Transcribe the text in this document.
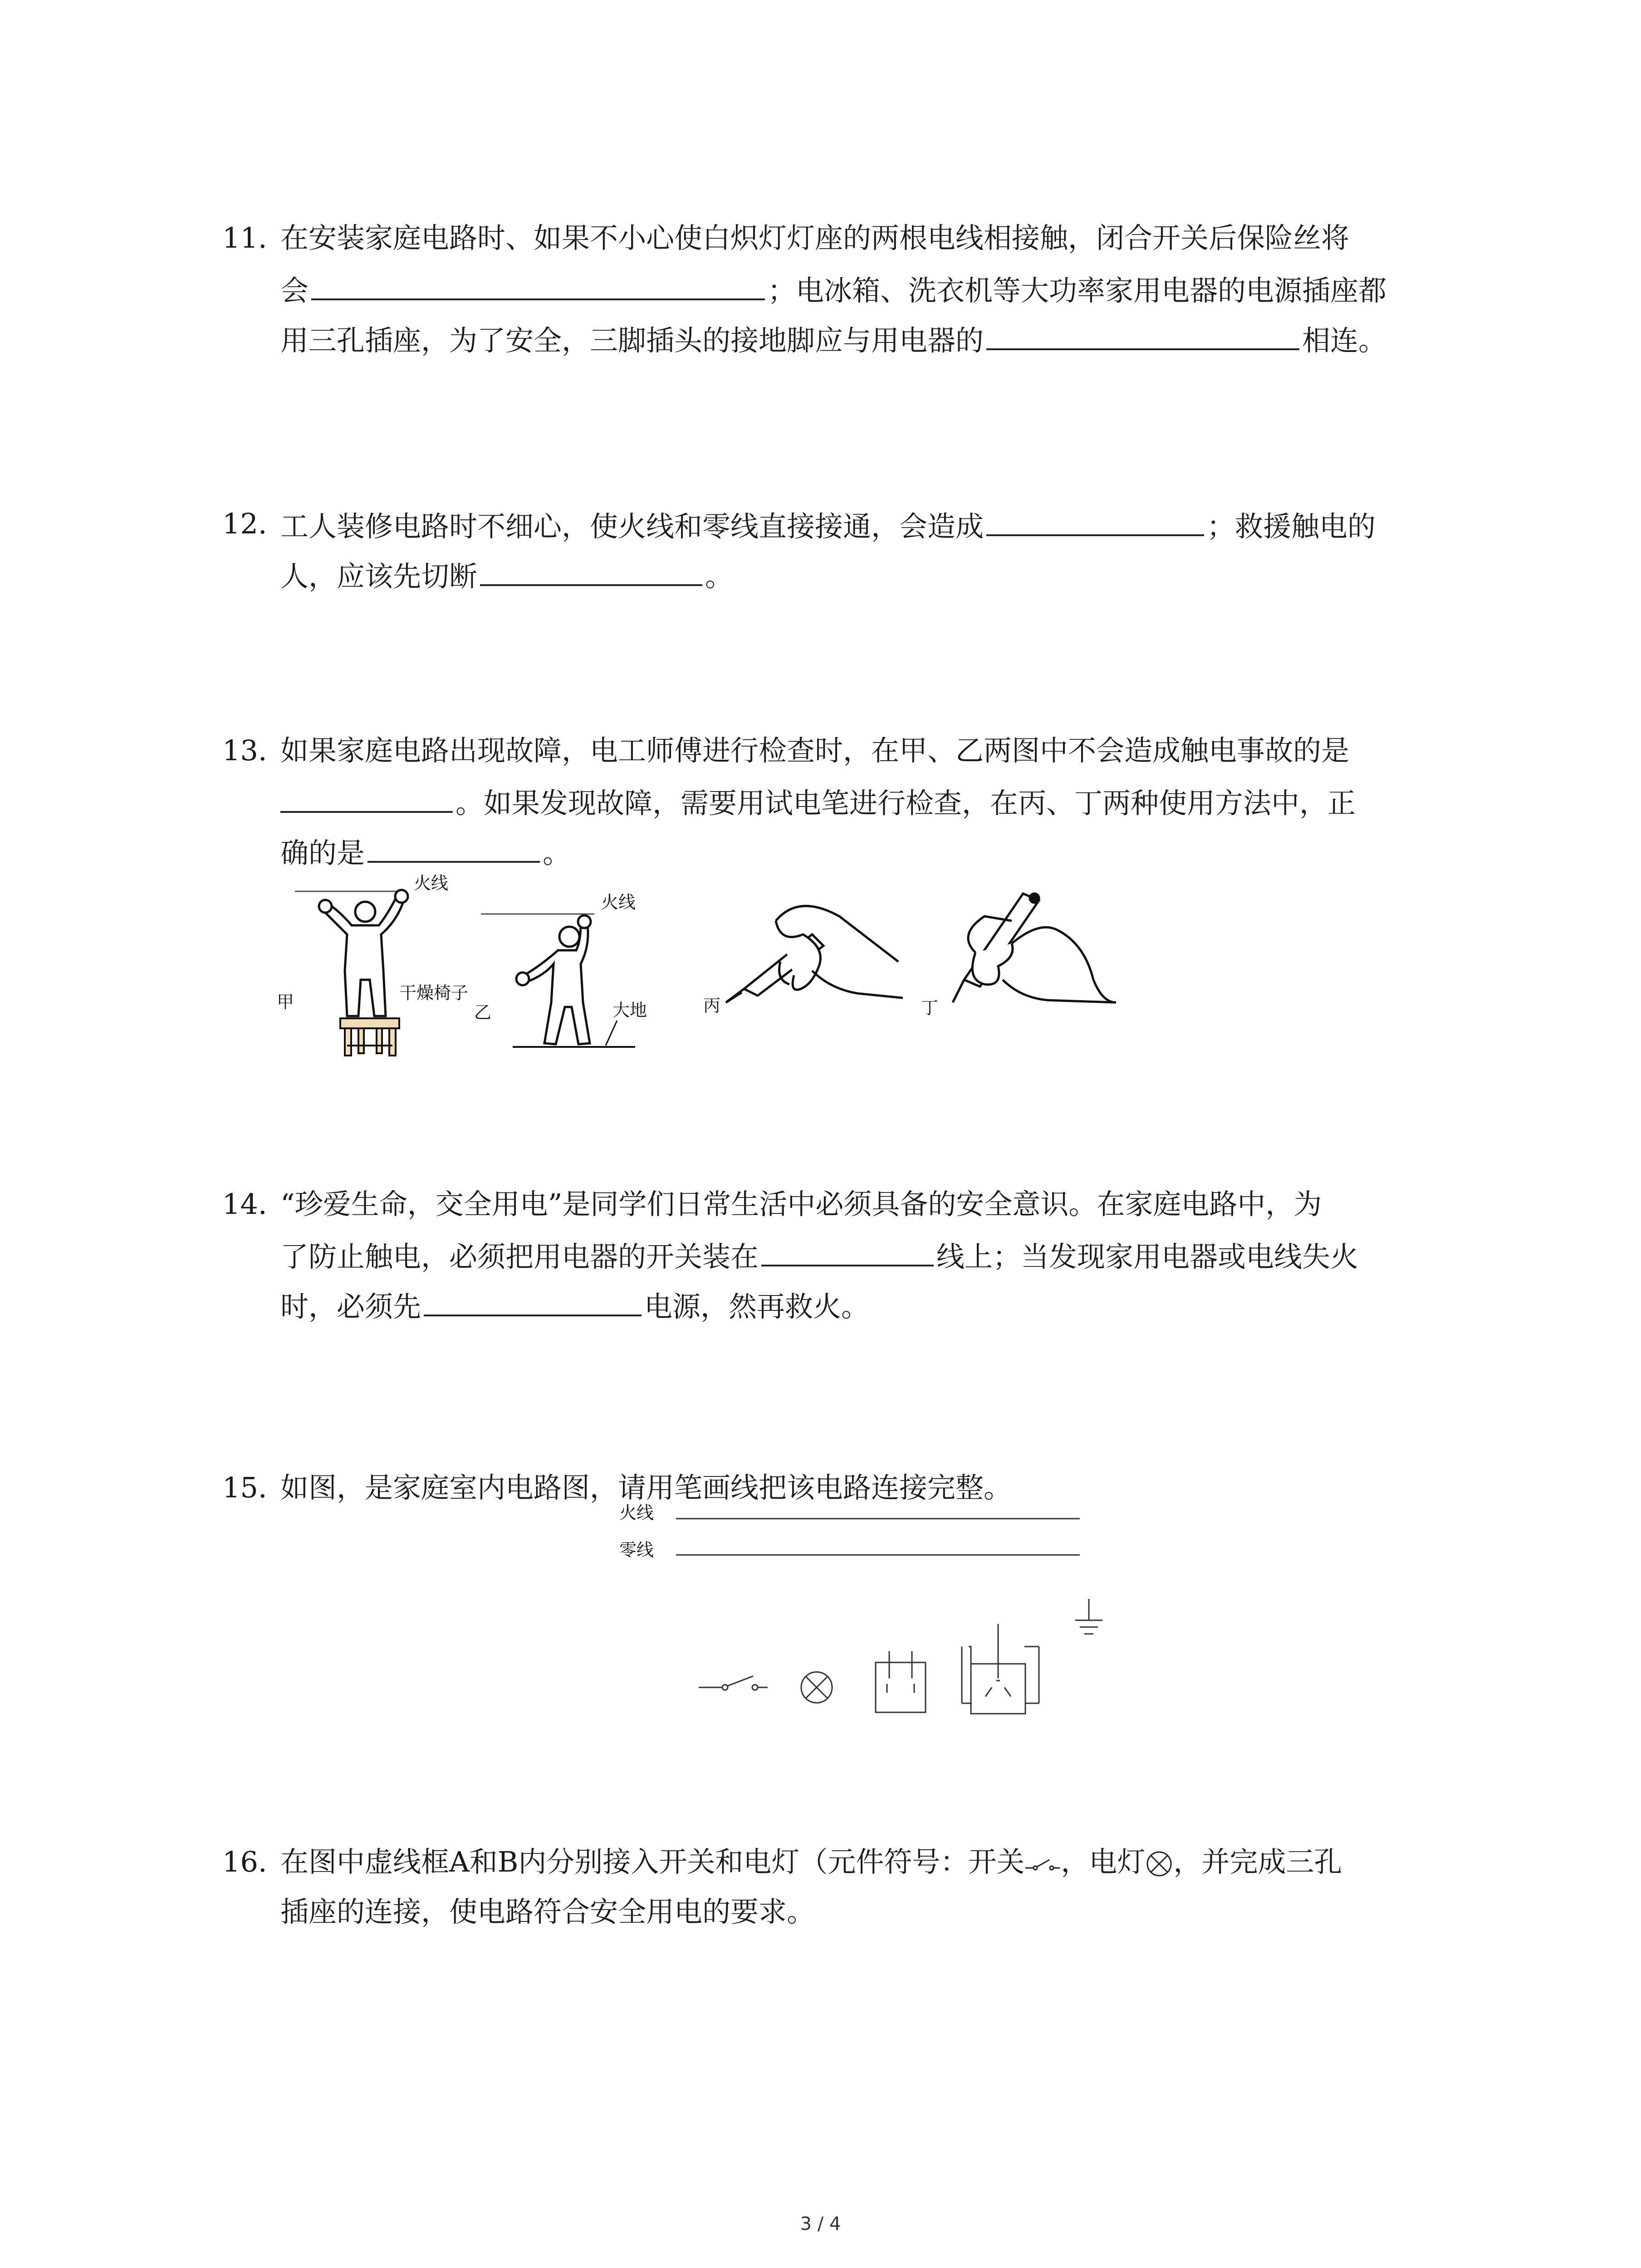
11. 在安装家庭电路时、如果不小心使白炽灯灯座的两根电线相接触，闭合开关后保险丝将
会	；电冰箱、洗衣机等大功率家用电器的电源插座都
用三孔插座，为了安全，三脚插头的接地脚应与用电器的	相连。
12. 工人装修电路时不细心，使火线和零线直接接通，会造成	；救援触电的
人，应该先切断	。
13. 如果家庭电路出现故障，电工师傅进行检查时，在甲、乙两图中不会造成触电事故的是
。如果发现故障，需要用试电笔进行检查，在丙、丁两种使用方法中，正
确的是	。
火线
干燥椅子
甲
火线
大地
乙	丙	丁
14. “珍爱生命，交全用电”是同学们日常生活中必须具备的安全意识。在家庭电路中，为
了防止触电，必须把用电器的开关装在	线上；当发现家用电器或电线失火
时，必须先	电源，然再救火。
15. 如图，是家庭室内电路图，请用笔画线把该电路连接完整。
火线
零线
16. 在图中虚线框A和B内分别接入开关和电灯（元件符号：开关 ，电灯 ，并完成三孔
插座的连接，使电路符合安全用电的要求。
3 / 4
